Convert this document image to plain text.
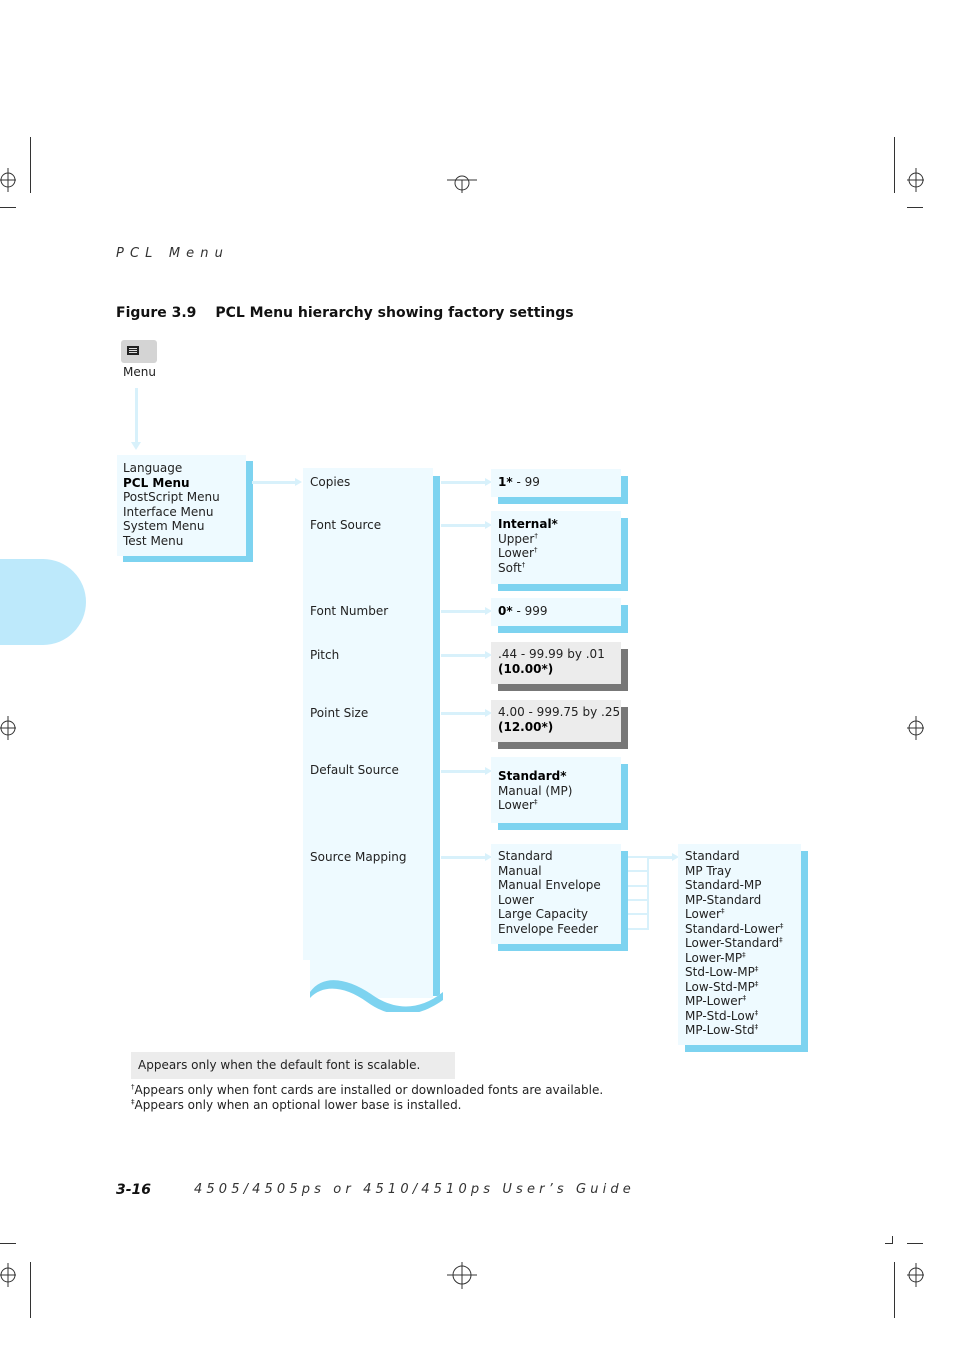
P C L   M e n u
Figure 3.9 PCL Menu hierarchy showing factory settings
Menu
Language
PCL Menu
PostScript Menu
Interface Menu
System Menu
Test Menu
Copies
Font Source
Font Number
Pitch
Point Size
Default Source
Source Mapping
1* - 99
Internal*
Upper†
Lower†
Soft†
0* - 999
.44 - 99.99 by .01
(10.00*)
4.00 - 999.75 by .25
(12.00*)
Standard*
Manual (MP)
Lower‡
Standard
Manual
Manual Envelope
Lower
Large Capacity
Envelope Feeder
Standard
MP Tray
Standard-MP
MP-Standard
Lower‡
Standard-Lower‡
Lower-Standard‡
Lower-MP‡
Std-Low-MP‡
Low-Std-MP‡
MP-Lower‡
MP-Std-Low‡
MP-Low-Std‡
Appears only when the default font is scalable.
†Appears only when font cards are installed or downloaded fonts are available.
‡Appears only when an optional lower base is installed.
3-16	4 5 0 5 / 4 5 0 5 p s   o r   4 5 1 0 / 4 5 1 0 p s   U s e r ’ s   G u i d e
